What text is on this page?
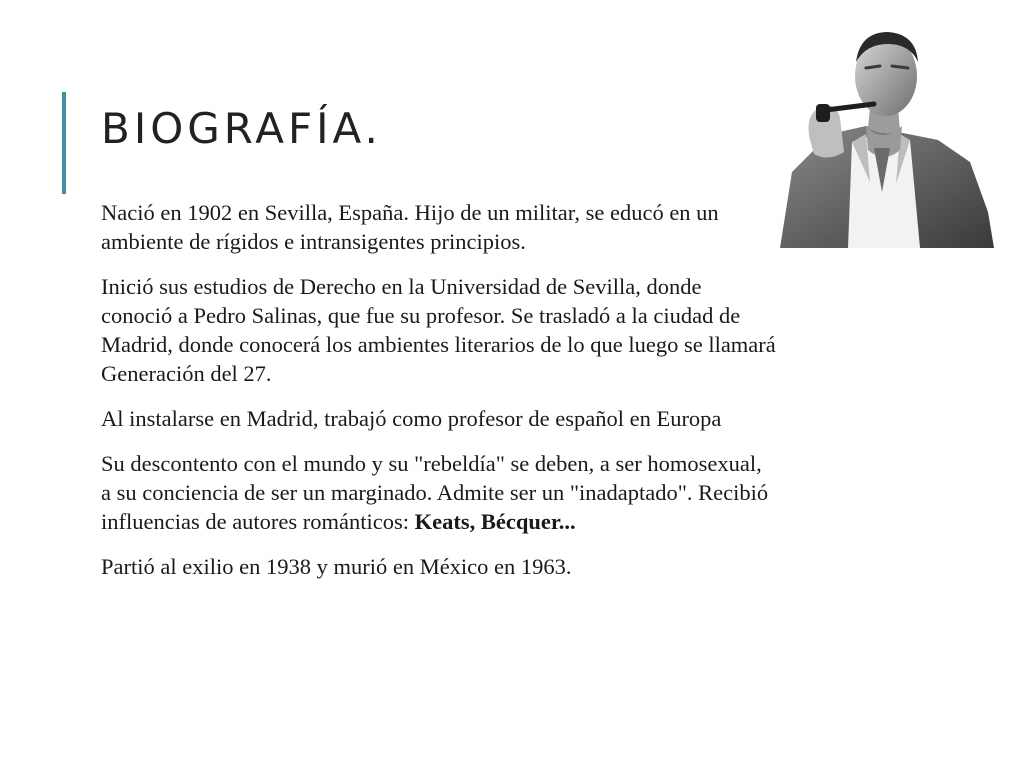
BIOGRAFÍA.

Nació en 1902 en Sevilla, España. Hijo de un militar, se educó en un ambiente de rígidos e intransigentes principios.

Inició sus estudios de Derecho en la Universidad de Sevilla, donde conoció a Pedro Salinas, que fue su profesor. Se trasladó a la ciudad de Madrid, donde conocerá los ambientes literarios de lo que luego se llamará Generación del 27.

Al instalarse en Madrid, trabajó como profesor de español en Europa

Su descontento con el mundo y su "rebeldía" se deben, a ser homosexual, a su conciencia de ser un marginado. Admite ser un "inadaptado". Recibió influencias de autores románticos: Keats, Bécquer...

Partió al exilio en 1938 y murió en México en 1963.
